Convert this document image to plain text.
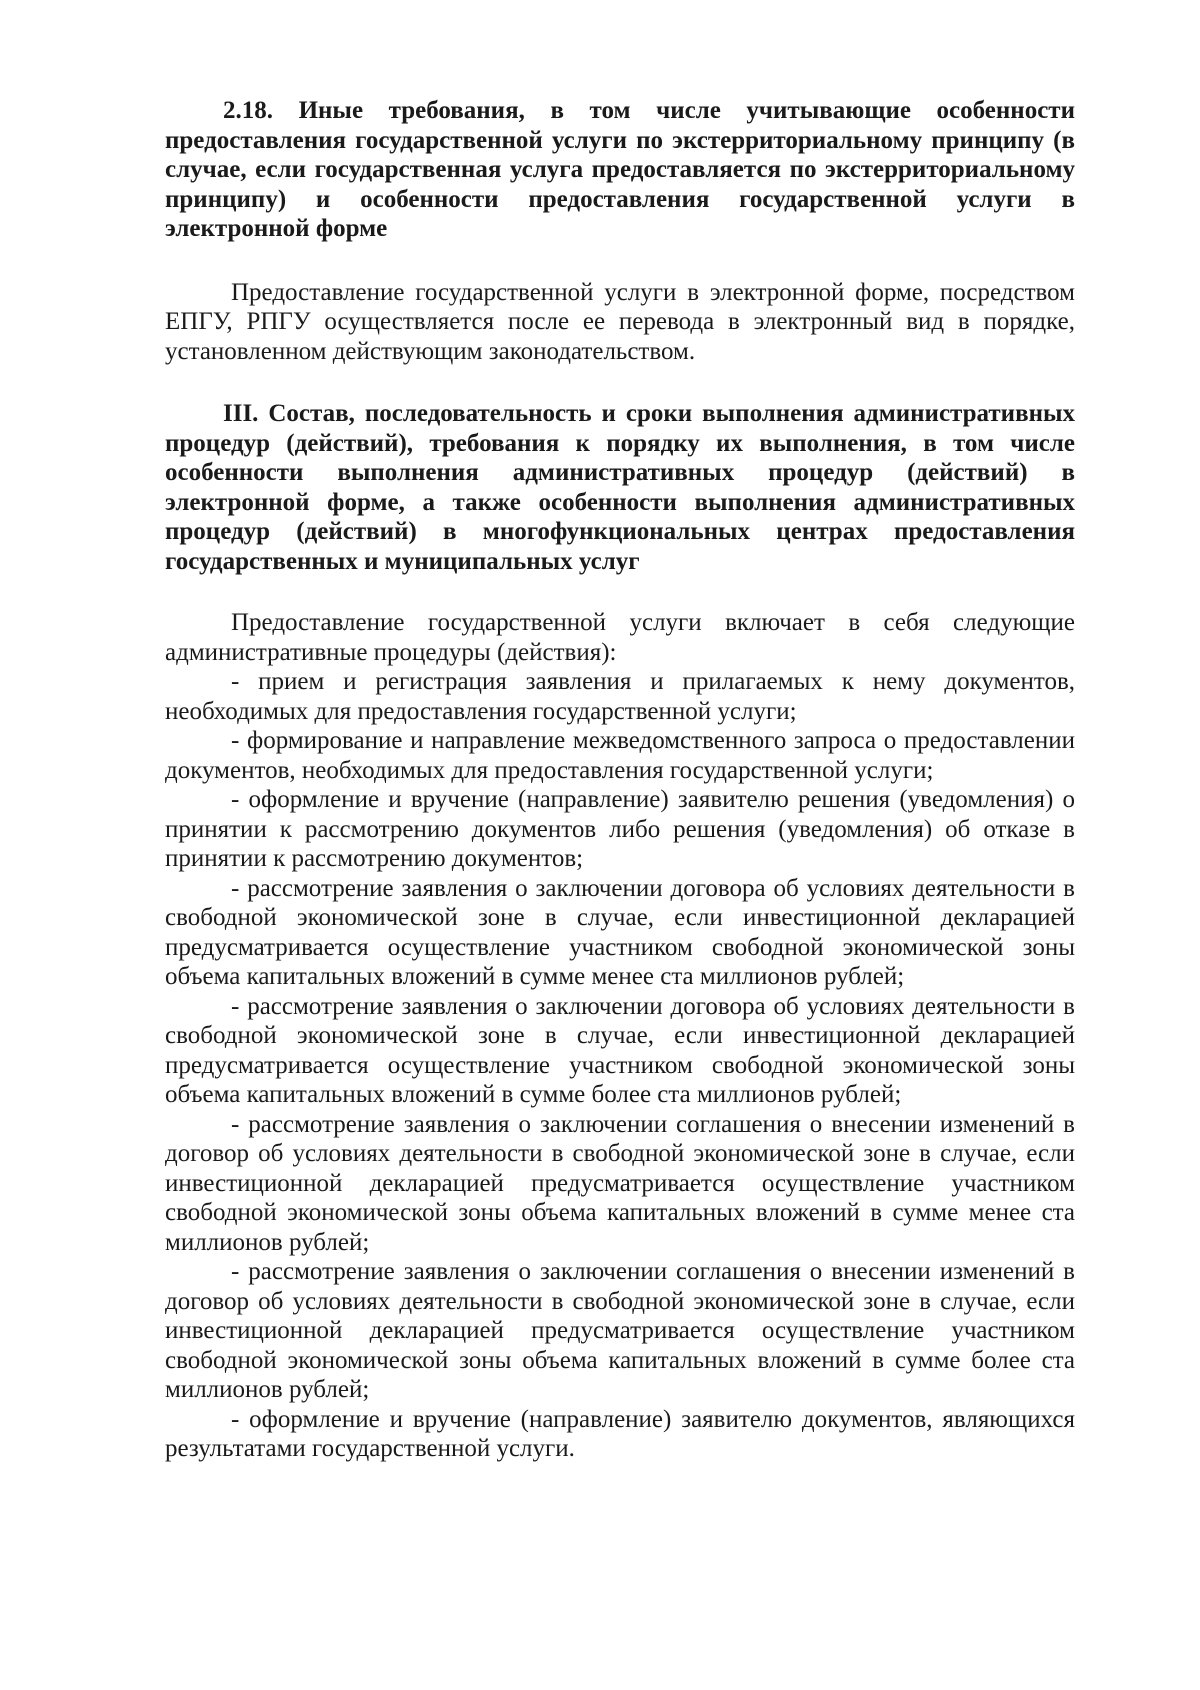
2.18. Иные требования, в том числе учитывающие особенности предоставления государственной услуги по экстерриториальному принципу (в случае, если государственная услуга предоставляется по экстерриториальному принципу) и особенности предоставления государственной услуги в электронной форме

Предоставление государственной услуги в электронной форме, посредством ЕПГУ, РПГУ осуществляется после ее перевода в электронный вид в порядке, установленном действующим законодательством.

III. Состав, последовательность и сроки выполнения административных процедур (действий), требования к порядку их выполнения, в том числе особенности выполнения административных процедур (действий) в электронной форме, а также особенности выполнения административных процедур (действий) в многофункциональных центрах предоставления государственных и муниципальных услуг

Предоставление государственной услуги включает в себя следующие административные процедуры (действия):

- прием и регистрация заявления и прилагаемых к нему документов, необходимых для предоставления государственной услуги;
- формирование и направление межведомственного запроса о предоставлении документов, необходимых для предоставления государственной услуги;
- оформление и вручение (направление) заявителю решения (уведомления) о принятии к рассмотрению документов либо решения (уведомления) об отказе в принятии к рассмотрению документов;
- рассмотрение заявления о заключении договора об условиях деятельности в свободной экономической зоне в случае, если инвестиционной декларацией предусматривается осуществление участником свободной экономической зоны объема капитальных вложений в сумме менее ста миллионов рублей;
- рассмотрение заявления о заключении договора об условиях деятельности в свободной экономической зоне в случае, если инвестиционной декларацией предусматривается осуществление участником свободной экономической зоны объема капитальных вложений в сумме более ста миллионов рублей;
- рассмотрение заявления о заключении соглашения о внесении изменений в договор об условиях деятельности в свободной экономической зоне в случае, если инвестиционной декларацией предусматривается осуществление участником свободной экономической зоны объема капитальных вложений в сумме менее ста миллионов рублей;
- рассмотрение заявления о заключении соглашения о внесении изменений в договор об условиях деятельности в свободной экономической зоне в случае, если инвестиционной декларацией предусматривается осуществление участником свободной экономической зоны объема капитальных вложений в сумме более ста миллионов рублей;
- оформление и вручение (направление) заявителю документов, являющихся результатами государственной услуги.
